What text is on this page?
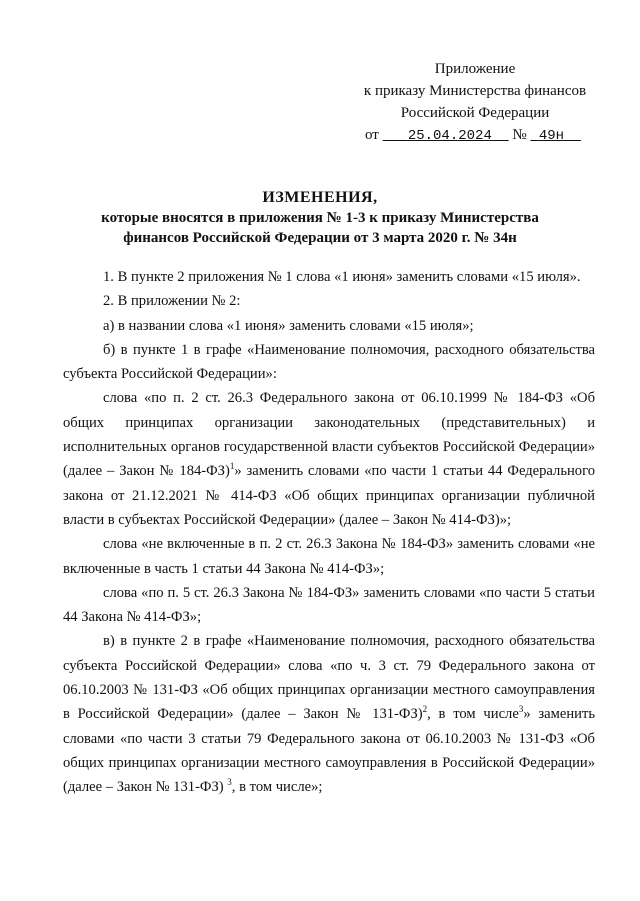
Приложение
к приказу Министерства финансов
Российской Федерации
от 25.04.2024 № 49н
ИЗМЕНЕНИЯ,
которые вносятся в приложения № 1-3 к приказу Министерства
финансов Российской Федерации от 3 марта 2020 г. № 34н

1. В пункте 2 приложения № 1 слова «1 июня» заменить словами «15 июля».

2. В приложении № 2:

а) в названии слова «1 июня» заменить словами «15 июля»;

б) в пункте 1 в графе «Наименование полномочия, расходного обязательства субъекта Российской Федерации»:

слова «по п. 2 ст. 26.3 Федерального закона от 06.10.1999 № 184-ФЗ «Об общих принципах организации законодательных (представительных) и исполнительных органов государственной власти субъектов Российской Федерации» (далее – Закон № 184-ФЗ)$^1$» заменить словами «по части 1 статьи 44 Федерального закона от 21.12.2021 № 414-ФЗ «Об общих принципах организации публичной власти в субъектах Российской Федерации» (далее – Закон № 414-ФЗ)»;

слова «не включенные в п. 2 ст. 26.3 Закона № 184-ФЗ» заменить словами «не включенные в часть 1 статьи 44 Закона № 414-ФЗ»;

слова «по п. 5 ст. 26.3 Закона № 184-ФЗ» заменить словами «по части 5 статьи 44 Закона № 414-ФЗ»;

в) в пункте 2 в графе «Наименование полномочия, расходного обязательства субъекта Российской Федерации» слова «по ч. 3 ст. 79 Федерального закона от 06.10.2003 № 131-ФЗ «Об общих принципах организации местного самоуправления в Российской Федерации» (далее – Закон № 131-ФЗ)$^2$, в том числе$^3$» заменить словами «по части 3 статьи 79 Федерального закона от 06.10.2003 № 131-ФЗ «Об общих принципах организации местного самоуправления в Российской Федерации» (далее – Закон № 131-ФЗ) $^3$, в том числе»;
